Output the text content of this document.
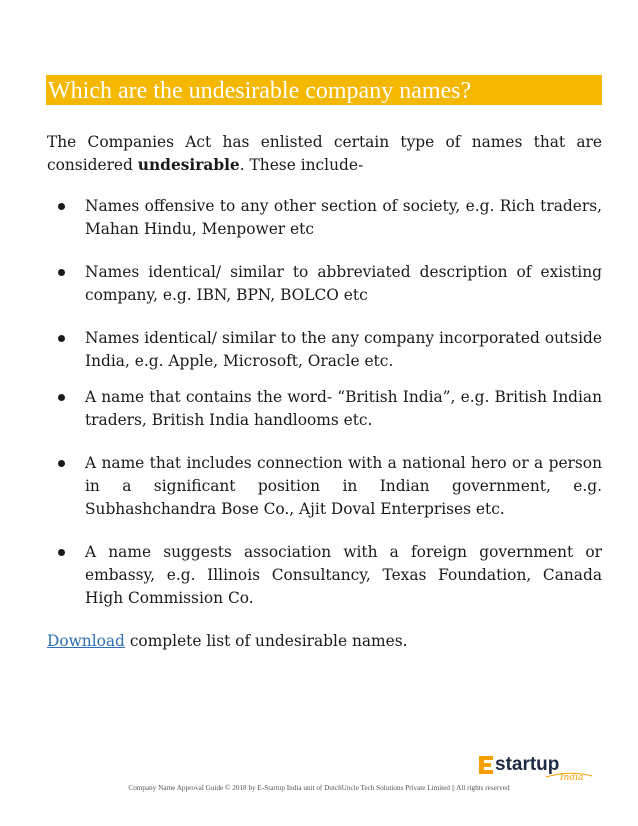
Which are the undesirable company names?

The Companies Act has enlisted certain type of names that are considered undesirable. These include-

Names offensive to any other section of society, e.g. Rich traders, Mahan Hindu, Menpower etc
Names identical/ similar to abbreviated description of existing company, e.g. IBN, BPN, BOLCO etc
Names identical/ similar to the any company incorporated outside India, e.g. Apple, Microsoft, Oracle etc.
A name that contains the word- “British India”, e.g. British Indian traders, British India handlooms etc.
A name that includes connection with a national hero or a person in a significant position in Indian government, e.g. Subhashchandra Bose Co., Ajit Doval Enterprises etc.
A name suggests association with a foreign government or embassy, e.g. Illinois Consultancy, Texas Foundation, Canada High Commission Co.

Download complete list of undesirable names.

startup
India
Company Name Approval Guide © 2018 by E-Startup India unit of DutchUncle Tech Solutions Private Limited || All rights reserved
